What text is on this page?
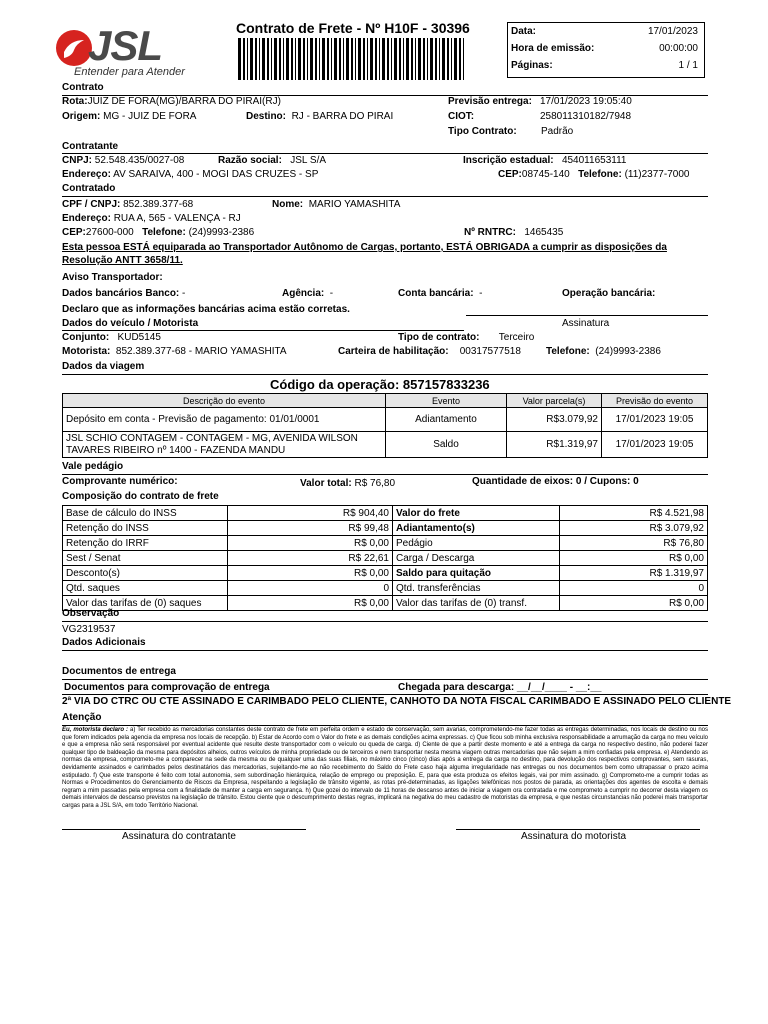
JSL
Entender para Atender
Contrato de Frete - Nº H10F - 30396	Data:	17/01/2023
Hora de emissão:	00:00:00
Páginas:	1 / 1
Contrato
Rota:JUIZ DE FORA(MG)/BARRA DO PIRAI(RJ)	Previsão entrega: 17/01/2023 19:05:40
Origem: MG - JUIZ DE FORA	Destino: RJ - BARRA DO PIRAI	CIOT:	258011310182/7948
Tipo Contrato: Padrão
Contratante
CNPJ: 52.548.435/0027-08	Razão social: JSL S/A	Inscrição estadual: 454011653111
Endereço: AV SARAIVA, 400 - MOGI DAS CRUZES - SP	CEP:08745-140 Telefone: (11)2377-7000
Contratado
CPF / CNPJ: 852.389.377-68	Nome: MARIO YAMASHITA
Endereço: RUA A, 565 - VALENÇA - RJ
CEP:27600-000 Telefone: (24)9993-2386	Nº RNTRC: 1465435
Esta pessoa ESTÁ equiparada ao Transportador Autônomo de Cargas, portanto, ESTÁ OBRIGADA a cumprir as disposições da
Resolução ANTT 3658/11.
Aviso Transportador:
Dados bancários Banco: -	Agência: -	Conta bancária: -	Operação bancária:
Declaro que as informações bancárias acima estão corretas.
Assinatura
Dados do veículo / Motorista
Conjunto: KUD5145	Tipo de contrato: Terceiro
Motorista: 852.389.377-68 - MARIO YAMASHITA	Carteira de habilitação: 00317577518	Telefone: (24)9993-2386
Dados da viagem
Código da operação: 857157833236
Descrição do evento	Evento	Valor parcela(s)	Previsão do evento
Depósito em conta - Previsão de pagamento: 01/01/0001	Adiantamento	R$3.079,92	17/01/2023 19:05
JSL SCHIO CONTAGEM - CONTAGEM - MG, AVENIDA WILSON
TAVARES RIBEIRO nº 1400 - FAZENDA MANDU	Saldo	R$1.319,97	17/01/2023 19:05
Vale pedágio
Comprovante numérico:	Valor total: R$ 76,80	Quantidade de eixos: 0 / Cupons: 0
Composição do contrato de frete
Base de cálculo do INSS	R$ 904,40	Valor do frete	R$ 4.521,98
Retenção do INSS	R$ 99,48	Adiantamento(s)	R$ 3.079,92
Retenção do IRRF	R$ 0,00	Pedágio	R$ 76,80
Sest / Senat	R$ 22,61	Carga / Descarga	R$ 0,00
Desconto(s)	R$ 0,00	Saldo para quitação	R$ 1.319,97
Qtd. saques	0	Qtd. transferências	0
Valor das tarifas de (0) saques	R$ 0,00	Valor das tarifas de (0) transf.	R$ 0,00
Observação
VG2319537
Dados Adicionais
Documentos de entrega
Documentos para comprovação de entrega	Chegada para descarga: __/__/____ - __:__
2ª VIA DO CTRC OU CTE ASSINADO E CARIMBADO PELO CLIENTE, CANHOTO DA NOTA FISCAL CARIMBADO E ASSINADO PELO CLIENTE
Atenção
Eu, motorista declaro : a) Ter recebido as mercadorias constantes deste contrato de frete em perfeita ordem e estado de conservação, sem avarias, comprometendo-me fazer todas as entregas determinadas, nos locais de destino ou nos que forem indicados pela agencia da empresa nos locais de recepção. b) Estar de Acordo com o Valor do frete e as demais condições acima expressas. c) Que ficou sob minha exclusiva responsabilidade a arrumação da carga no meu veículo e que a empresa não será responsável por eventual acidente que resulte deste transportador com o veículo ou queda de carga. d) Ciente de que a partir deste momento e até a entrega da carga no respectivo destino, não poderei fazer qualquer tipo de baldeação da mesma para depósitos alheios, outros veículos de minha propriedade ou de terceiros e nem transportar nesta mesma viagem outras mercadorias que não sejam a mim confiadas pela empresa. e) Atendendo as normas da empresa, comprometo-me a comparecer na sede da mesma ou de qualquer uma das suas filiais, no máximo cinco (cinco) dias após a entrega da carga no destino, para devolução dos respectivos comprovantes, sem rasuras, devidamente assinados e carimbados pelos destinatários das mercadorias, sujeitando-me ao não recebimento do Saldo do Frete caso haja alguma irregularidade nas entregas ou nos documentos bem como ultrapassar o prazo acima estipulado. f) Que este transporte é feito com total autonomia, sem subordinação hierárquica, relação de emprego ou preposição. E, para que esta produza os efeitos legais, vai por mim assinado. g) Comprometo-me a cumprir todas as Normas e Procedimentos do Gerenciamento de Riscos da Empresa, respeitando a legislação de trânsito vigente, as rotas pré-determinadas, as ligações telefônicas nos postos de parada, as orientações dos agentes de escolta e demais regram a mim passadas pela empresa com a finalidade de manter a carga em segurança. h) Que gozei do intervalo de 11 horas de descanso antes de iniciar a viagem ora contratada e me comprometo a cumprir no decorrer desta viagem os demais intervalos de descanso previstos na legislação de trânsito. Estou ciente que o descumprimento destas regras, implicará na negativa do meu cadastro de motoristas da empresa, e que nestas circunstancias não poderei mais transportar cargas para a JSL S/A, em todo Território Nacional.
Assinatura do contratante	Assinatura do motorista
